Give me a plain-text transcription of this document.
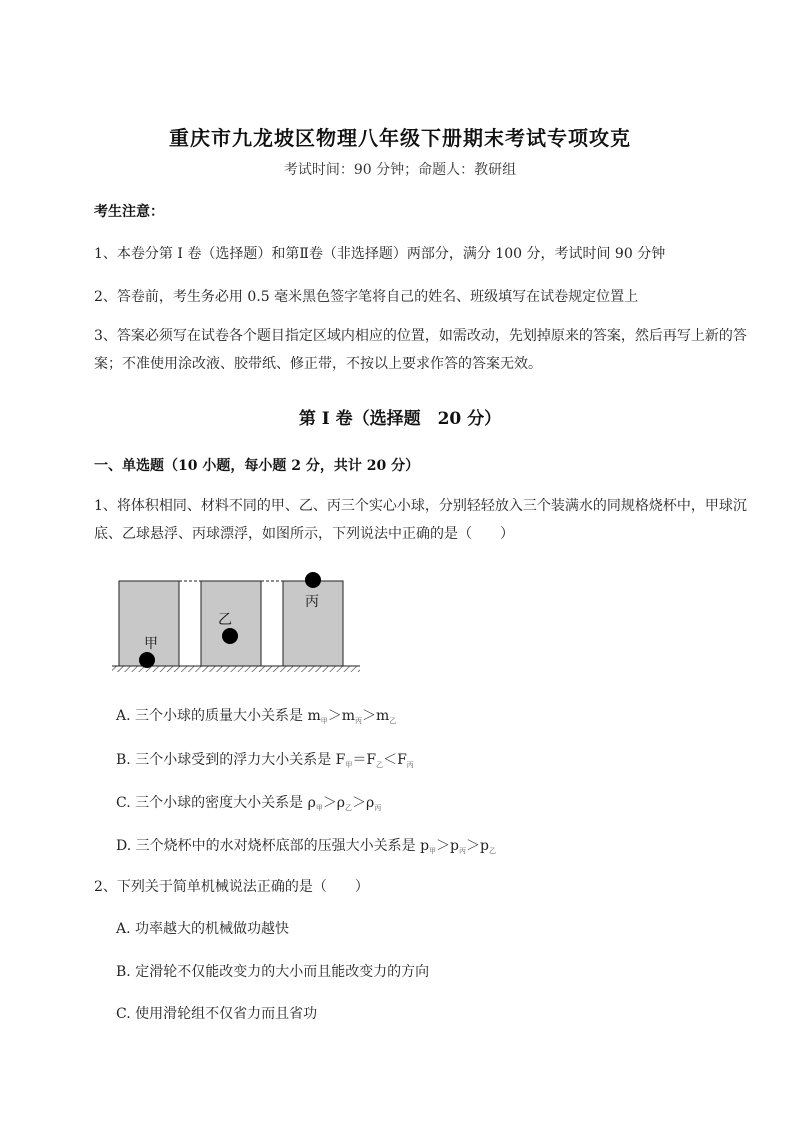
重庆市九龙坡区物理八年级下册期末考试专项攻克
考试时间：90 分钟；命题人：教研组
考生注意：
1、本卷分第 I 卷（选择题）和第Ⅱ卷（非选择题）两部分，满分 100 分，考试时间 90 分钟
2、答卷前，考生务必用 0.5 毫米黑色签字笔将自己的姓名、班级填写在试卷规定位置上
3、答案必须写在试卷各个题目指定区域内相应的位置，如需改动，先划掉原来的答案，然后再写上新的答案；不准使用涂改液、胶带纸、修正带，不按以上要求作答的答案无效。
第 I 卷（选择题　20 分）
一、单选题（10 小题，每小题 2 分，共计 20 分）
1、将体积相同、材料不同的甲、乙、丙三个实心小球，分别轻轻放入三个装满水的同规格烧杯中，甲球沉底、乙球悬浮、丙球漂浮，如图所示，下列说法中正确的是（　　）
甲
乙
丙
A. 三个小球的质量大小关系是 $m_甲>m_丙>m_乙$
B. 三个小球受到的浮力大小关系是 $F_甲=F_乙<F_丙$
C. 三个小球的密度大小关系是 $\rho_甲>\rho_乙>\rho_丙$
D. 三个烧杯中的水对烧杯底部的压强大小关系是 $p_甲>p_丙>p_乙$
2、下列关于简单机械说法正确的是（　　）
A. 功率越大的机械做功越快
B. 定滑轮不仅能改变力的大小而且能改变力的方向
C. 使用滑轮组不仅省力而且省功
